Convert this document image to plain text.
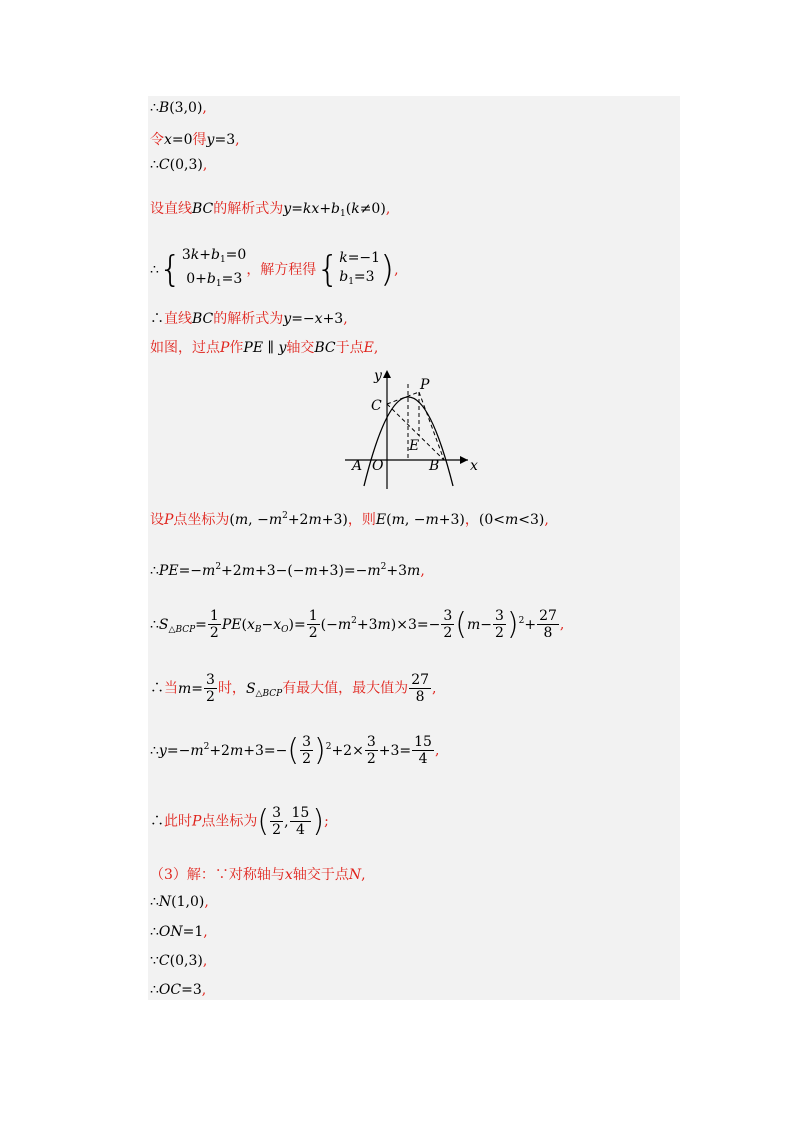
∴B(3,0),
令x=0得y=3,
∴C(0,3),
设直线BC的解析式为$y=kx+b_1(k\ne 0)$,
∴{ $3k+b_1=0$
$0+b_1=3$
，解方程得{ k=−1
$b_1=3$ ),
∴直线BC的解析式为y=−x+3,
如图，过点P作PE ∥ y轴交BC于点E,
y
x
P
C
E
A O	B
设P点坐标为(m, $-m^2+2m+3$)，则E(m, −m+3)，(0<m<3),
$\therefore PE=-m^2+2m+3-(-m+3)=-m^2+3m$,
$\therefore S_{\triangle BCP}= \frac{1}{2} PE(x_B-x_O)= \frac{1}{2} (-m^2+3m)\times 3=- \frac{3}{2} (m- \frac{3}{2} )^2+ \frac{27}{8}$ ,
∴当$m= \frac{3}{2}$ 时，$S_{\triangle BCP}$有最大值，最大值为 $\frac{27}{8}$ ,
$\therefore y=-m^2+2m+3=-( \frac{3}{2} )^2+2\times \frac{3}{2} +3= \frac{15}{4}$ ,
∴此时P点坐标为( $\frac{3}{2}$ , $\frac{15}{4}$ );
（3）解：∵对称轴与x轴交于点N,
∴N(1,0),
∴ON=1,
∵C(0,3),
∴OC=3,
